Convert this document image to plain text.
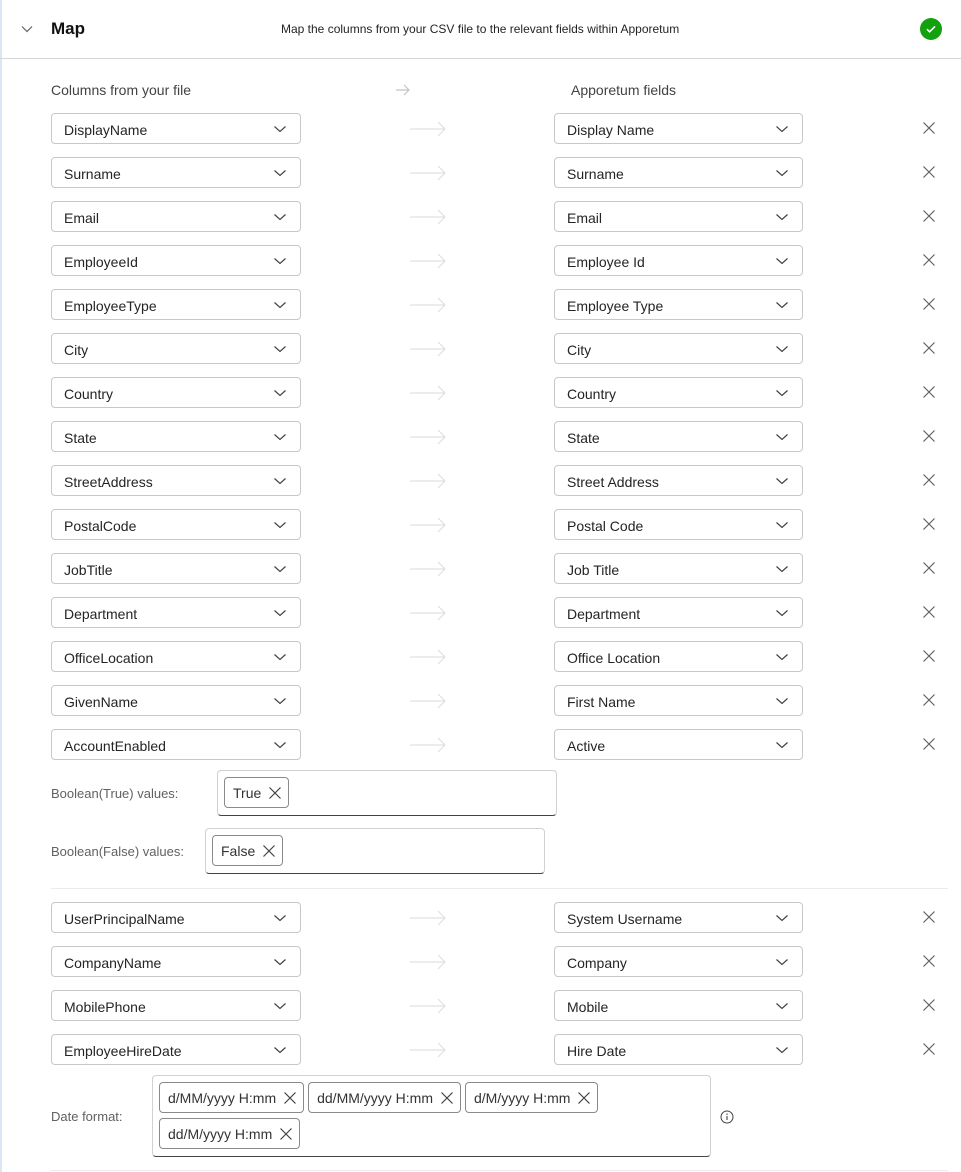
Map	Map the columns from your CSV file to the relevant fields within Apporetum
Columns from your file	Apporetum fields
DisplayName	Display Name
Surname	Surname
Email	Email
EmployeeId	Employee Id
EmployeeType	Employee Type
City	City
Country	Country
State	State
StreetAddress	Street Address
PostalCode	Postal Code
JobTitle	Job Title
Department	Department
OfficeLocation	Office Location
GivenName	First Name
AccountEnabled	Active
Boolean(True) values:	True
Boolean(False) values:	False
UserPrincipalName	System Username
CompanyName	Company
MobilePhone	Mobile
EmployeeHireDate	Hire Date
Date format:
d/MM/yyyy H:mm	dd/MM/yyyy H:mm	d/M/yyyy H:mm
dd/M/yyyy H:mm
